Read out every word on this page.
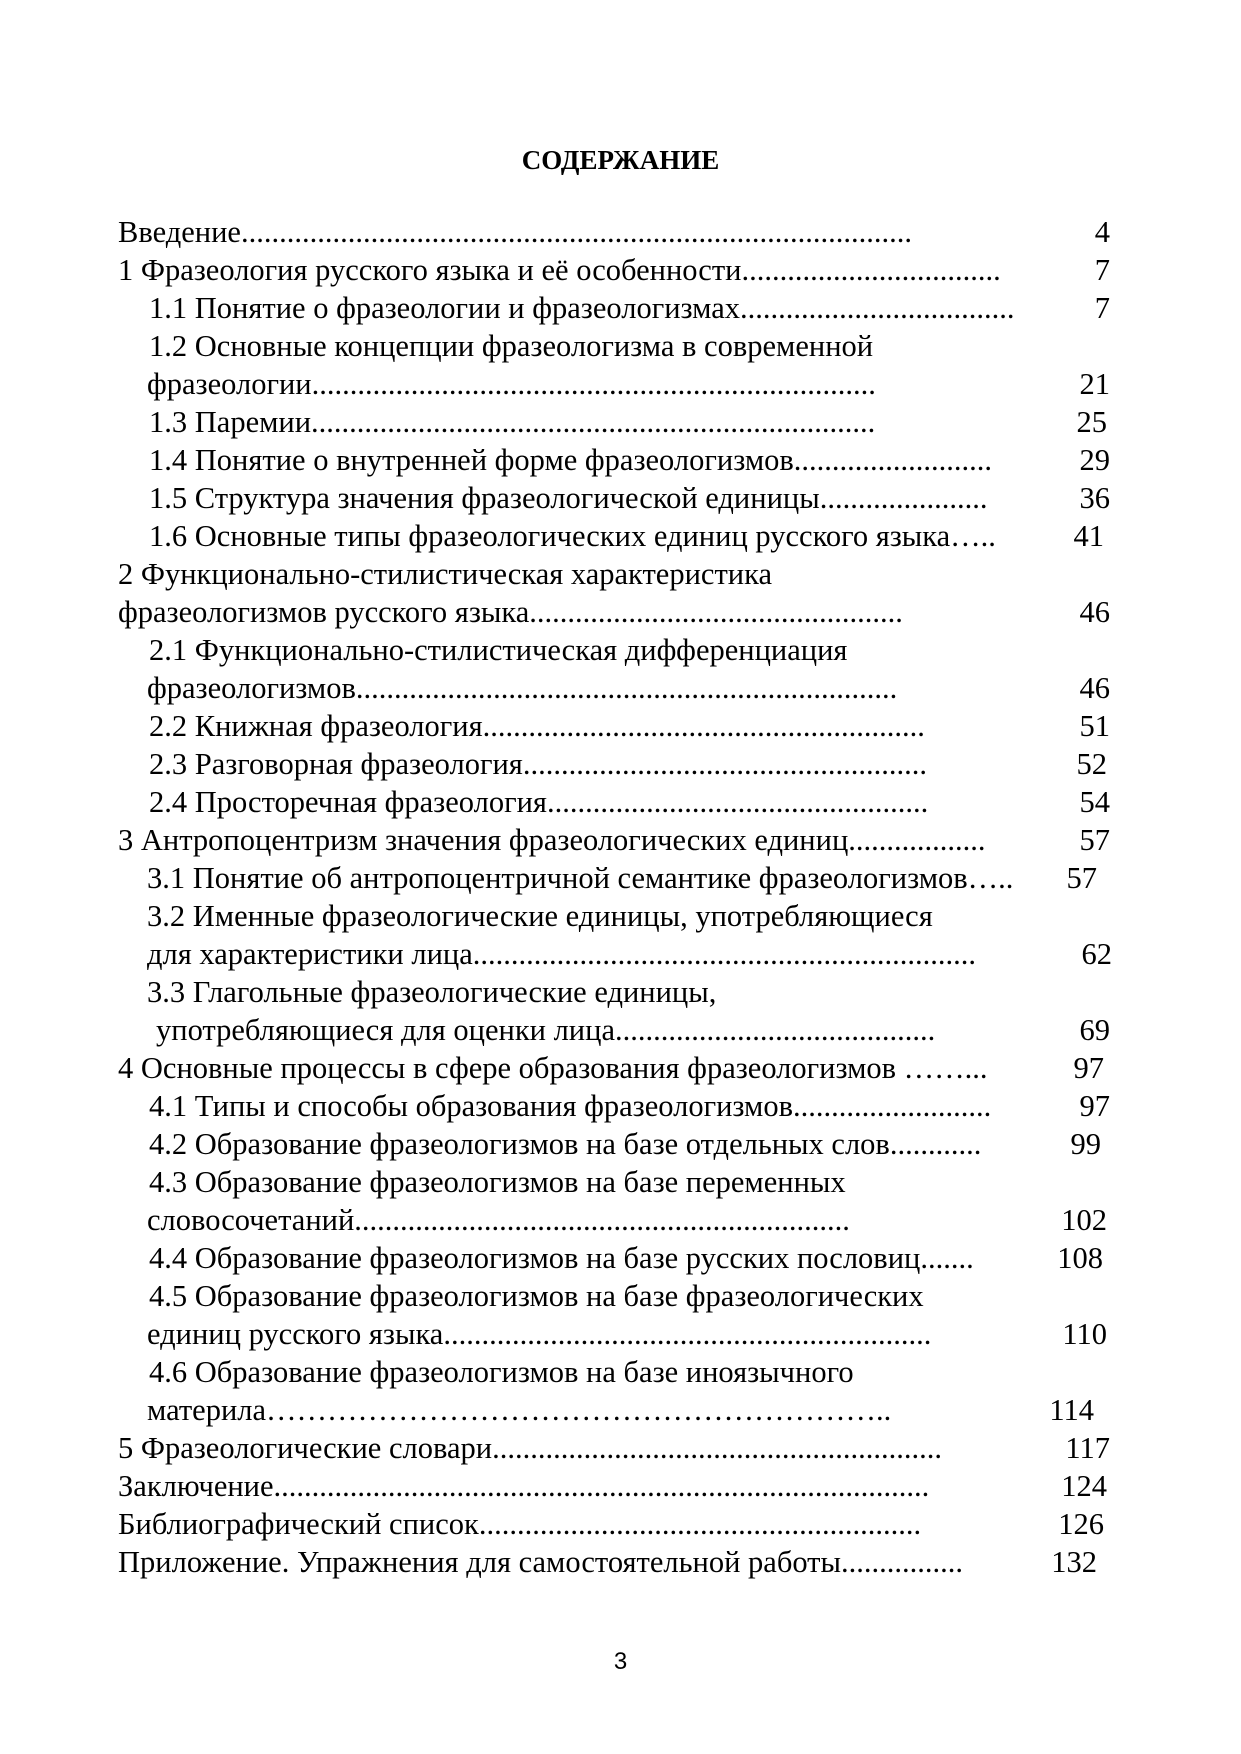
СОДЕРЖАНИЕ
Введение ........................................................................................	4
1 Фразеология русского языка и её особенности ..................................	7
1.1 Понятие о фразеологии и фразеологизмах ....................................	7
1.2 Основные концепции фразеологизма в современной
фразеологии ..........................................................................	21
1.3 Паремии ..........................................................................	25
1.4 Понятие о внутренней форме фразеологизмов ..........................	29
1.5 Структура значения фразеологической единицы ......................	36
1.6 Основные типы фразеологических единиц русского языка…..	41
2 Функционально-стилистическая характеристика
фразеологизмов русского языка .................................................	46
2.1 Функционально-стилистическая дифференциация
фразеологизмов .......................................................................	46
2.2 Книжная фразеология ..........................................................	51
2.3 Разговорная фразеология .....................................................	52
2.4 Просторечная фразеология ..................................................	54
3 Антропоцентризм значения фразеологических единиц ..................	57
3.1 Понятие об антропоцентричной семантике фразеологизмов….. 57
3.2 Именные фразеологические единицы, употребляющиеся
для характеристики лица ..................................................................	62
3.3 Глагольные фразеологические единицы,
употребляющиеся для оценки лица ..........................................	69
4 Основные процессы в сфере образования фразеологизмов ……...	97
4.1 Типы и способы образования фразеологизмов ..........................	97
4.2 Образование фразеологизмов на базе отдельных слов ............	99
4.3 Образование фразеологизмов на базе переменных
словосочетаний .................................................................	102
4.4 Образование фразеологизмов на базе русских пословиц .......	108
4.5 Образование фразеологизмов на базе фразеологических
единиц русского языка ................................................................	110
4.6 Образование фразеологизмов на базе иноязычного
материла ……………………………………………………..	114
5 Фразеологические словари ...........................................................	117
Заключение ......................................................................................	124
Библиографический список ..........................................................	126
Приложение. Упражнения для самостоятельной работы ................	132
3
